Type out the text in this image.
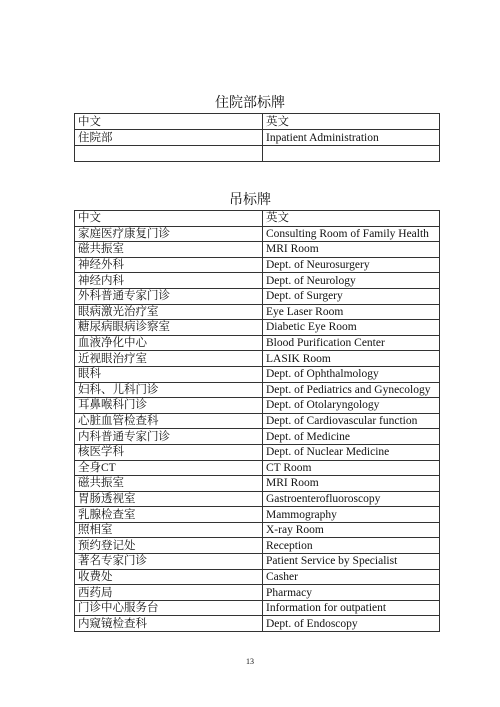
住院部标牌
中文	英文
住院部	Inpatient Administration

吊标牌
中文	英文
家庭医疗康复门诊	Consulting Room of Family Health
磁共振室	MRI Room
神经外科	Dept. of Neurosurgery
神经内科	Dept. of Neurology
外科普通专家门诊	Dept. of Surgery
眼病激光治疗室	Eye Laser Room
糖尿病眼病诊察室	Diabetic Eye Room
血液净化中心	Blood Purification Center
近视眼治疗室	LASIK Room
眼科	Dept. of Ophthalmology
妇科、儿科门诊	Dept. of Pediatrics and Gynecology
耳鼻喉科门诊	Dept. of Otolaryngology
心脏血管检查科	Dept. of Cardiovascular function
内科普通专家门诊	Dept. of Medicine
核医学科	Dept. of Nuclear Medicine
全身CT	CT Room
磁共振室	MRI Room
胃肠透视室	Gastroenterofluoroscopy
乳腺检查室	Mammography
照相室	X-ray Room
预约登记处	Reception
著名专家门诊	Patient Service by Specialist
收费处	Casher
西药局	Pharmacy
门诊中心服务台	Information for outpatient
内窥镜检查科	Dept. of Endoscopy
13
